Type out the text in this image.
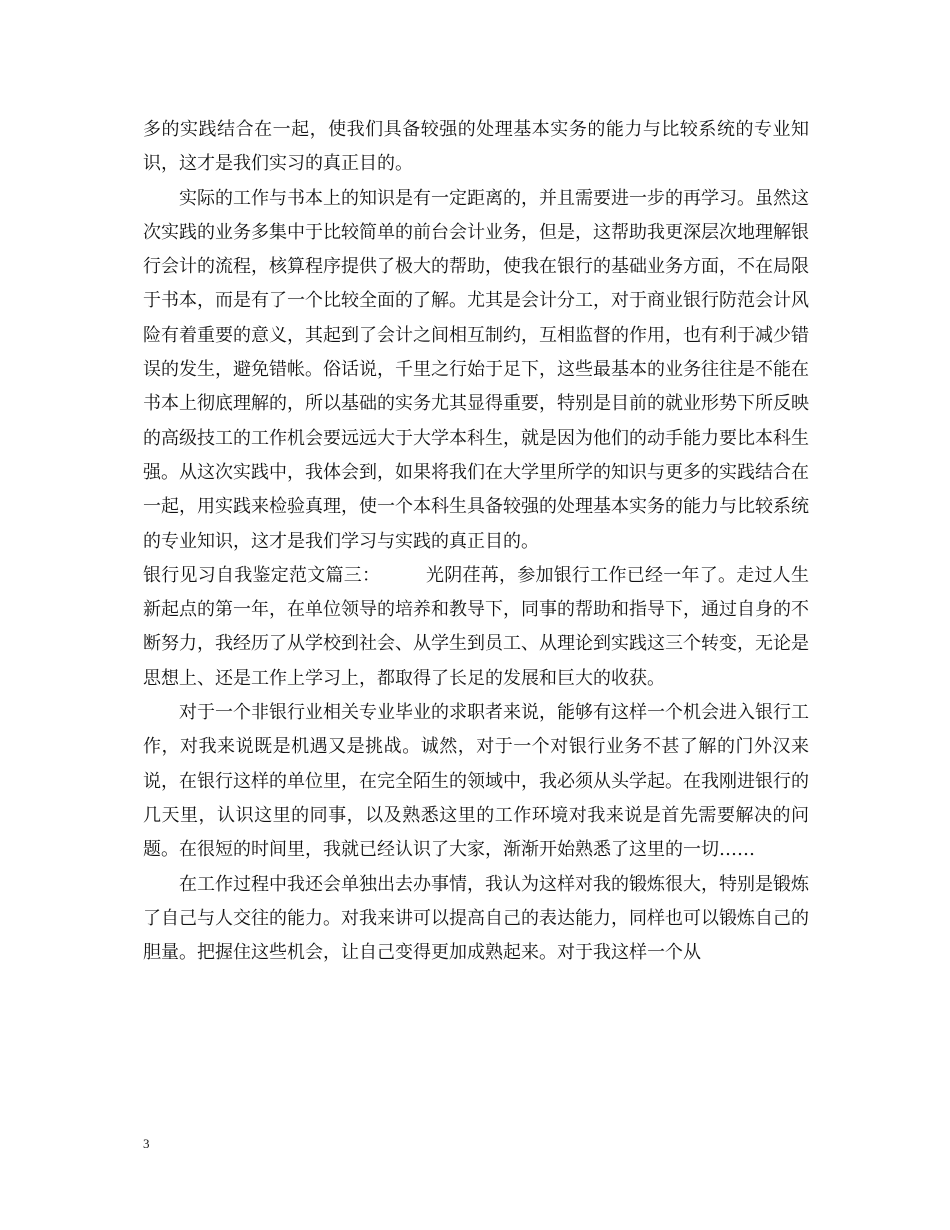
多的实践结合在一起，使我们具备较强的处理基本实务的能力与比较系统的专业知识，这才是我们实习的真正目的。

实际的工作与书本上的知识是有一定距离的，并且需要进一步的再学习。虽然这次实践的业务多集中于比较简单的前台会计业务，但是，这帮助我更深层次地理解银行会计的流程，核算程序提供了极大的帮助，使我在银行的基础业务方面，不在局限于书本，而是有了一个比较全面的了解。尤其是会计分工，对于商业银行防范会计风险有着重要的意义，其起到了会计之间相互制约，互相监督的作用，也有利于减少错误的发生，避免错帐。俗话说，千里之行始于足下，这些最基本的业务往往是不能在书本上彻底理解的，所以基础的实务尤其显得重要，特别是目前的就业形势下所反映的高级技工的工作机会要远远大于大学本科生，就是因为他们的动手能力要比本科生强。从这次实践中，我体会到，如果将我们在大学里所学的知识与更多的实践结合在一起，用实践来检验真理，使一个本科生具备较强的处理基本实务的能力与比较系统的专业知识，这才是我们学习与实践的真正目的。

银行见习自我鉴定范文篇三：　　　光阴荏苒，参加银行工作已经一年了。走过人生新起点的第一年，在单位领导的培养和教导下，同事的帮助和指导下，通过自身的不断努力，我经历了从学校到社会、从学生到员工、从理论到实践这三个转变，无论是思想上、还是工作上学习上，都取得了长足的发展和巨大的收获。

对于一个非银行业相关专业毕业的求职者来说，能够有这样一个机会进入银行工作，对我来说既是机遇又是挑战。诚然，对于一个对银行业务不甚了解的门外汉来说，在银行这样的单位里，在完全陌生的领域中，我必须从头学起。在我刚进银行的几天里，认识这里的同事，以及熟悉这里的工作环境对我来说是首先需要解决的问题。在很短的时间里，我就已经认识了大家，渐渐开始熟悉了这里的一切……

在工作过程中我还会单独出去办事情，我认为这样对我的锻炼很大，特别是锻炼了自己与人交往的能力。对我来讲可以提高自己的表达能力，同样也可以锻炼自己的胆量。把握住这些机会，让自己变得更加成熟起来。对于我这样一个从

3
